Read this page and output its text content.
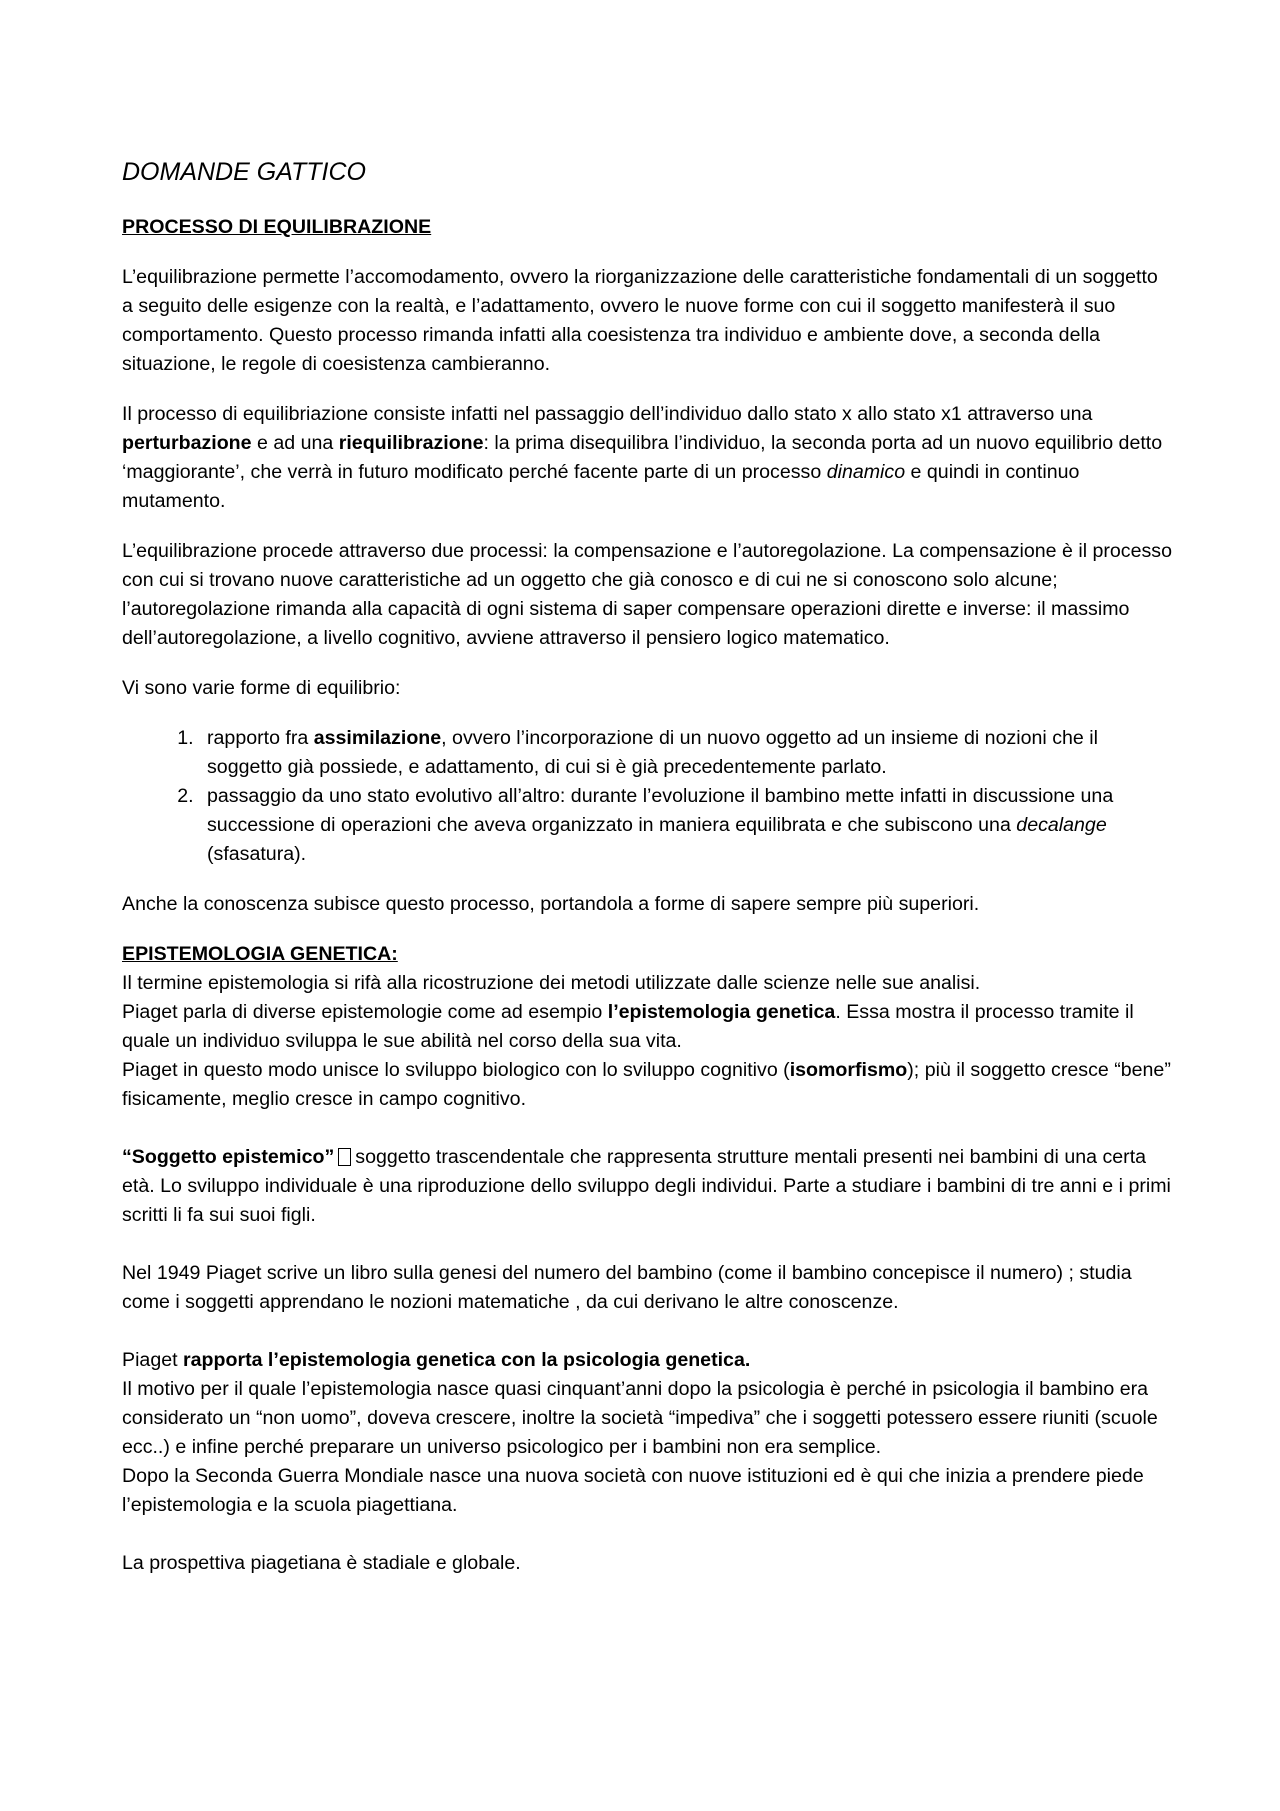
DOMANDE GATTICO
PROCESSO DI EQUILIBRAZIONE

L’equilibrazione permette l’accomodamento, ovvero la riorganizzazione delle caratteristiche fondamentali di un soggetto a seguito delle esigenze con la realtà, e l’adattamento, ovvero le nuove forme con cui il soggetto manifesterà il suo comportamento. Questo processo rimanda infatti alla coesistenza tra individuo e ambiente dove, a seconda della situazione, le regole di coesistenza cambieranno.

Il processo di equilibriazione consiste infatti nel passaggio dell’individuo dallo stato x allo stato x1 attraverso una perturbazione e ad una riequilibrazione: la prima disequilibra l’individuo, la seconda porta ad un nuovo equilibrio detto ‘maggiorante’, che verrà in futuro modificato perché facente parte di un processo dinamico e quindi in continuo mutamento.

L’equilibrazione procede attraverso due processi: la compensazione e l’autoregolazione. La compensazione è il processo con cui si trovano nuove caratteristiche ad un oggetto che già conosco e di cui ne si conoscono solo alcune; l’autoregolazione rimanda alla capacità di ogni sistema di saper compensare operazioni dirette e inverse: il massimo dell’autoregolazione, a livello cognitivo, avviene attraverso il pensiero logico matematico.

Vi sono varie forme di equilibrio:

1. rapporto fra assimilazione, ovvero l’incorporazione di un nuovo oggetto ad un insieme di nozioni che il soggetto già possiede, e adattamento, di cui si è già precedentemente parlato.
2. passaggio da uno stato evolutivo all’altro: durante l’evoluzione il bambino mette infatti in discussione una successione di operazioni che aveva organizzato in maniera equilibrata e che subiscono una decalange (sfasatura).

Anche la conoscenza subisce questo processo, portandola a forme di sapere sempre più superiori.

EPISTEMOLOGIA GENETICA:

Il termine epistemologia si rifà alla ricostruzione dei metodi utilizzate dalle scienze nelle sue analisi.

Piaget parla di diverse epistemologie come ad esempio l’epistemologia genetica. Essa mostra il processo tramite il quale un individuo sviluppa le sue abilità nel corso della sua vita.

Piaget in questo modo unisce lo sviluppo biologico con lo sviluppo cognitivo (isomorfismo); più il soggetto cresce “bene” fisicamente, meglio cresce in campo cognitivo.

“Soggetto epistemico” soggetto trascendentale che rappresenta strutture mentali presenti nei bambini di una certa età. Lo sviluppo individuale è una riproduzione dello sviluppo degli individui. Parte a studiare i bambini di tre anni e i primi scritti li fa sui suoi figli.

Nel 1949 Piaget scrive un libro sulla genesi del numero del bambino (come il bambino concepisce il numero) ; studia come i soggetti apprendano le nozioni matematiche , da cui derivano le altre conoscenze.

Piaget rapporta l’epistemologia genetica con la psicologia genetica.

Il motivo per il quale l’epistemologia nasce quasi cinquant’anni dopo la psicologia è perché in psicologia il bambino era considerato un “non uomo”, doveva crescere, inoltre la società “impediva” che i soggetti potessero essere riuniti (scuole ecc..) e infine perché preparare un universo psicologico per i bambini non era semplice.

Dopo la Seconda Guerra Mondiale nasce una nuova società con nuove istituzioni ed è qui che inizia a prendere piede l’epistemologia e la scuola piagettiana.

La prospettiva piagetiana è stadiale e globale.
